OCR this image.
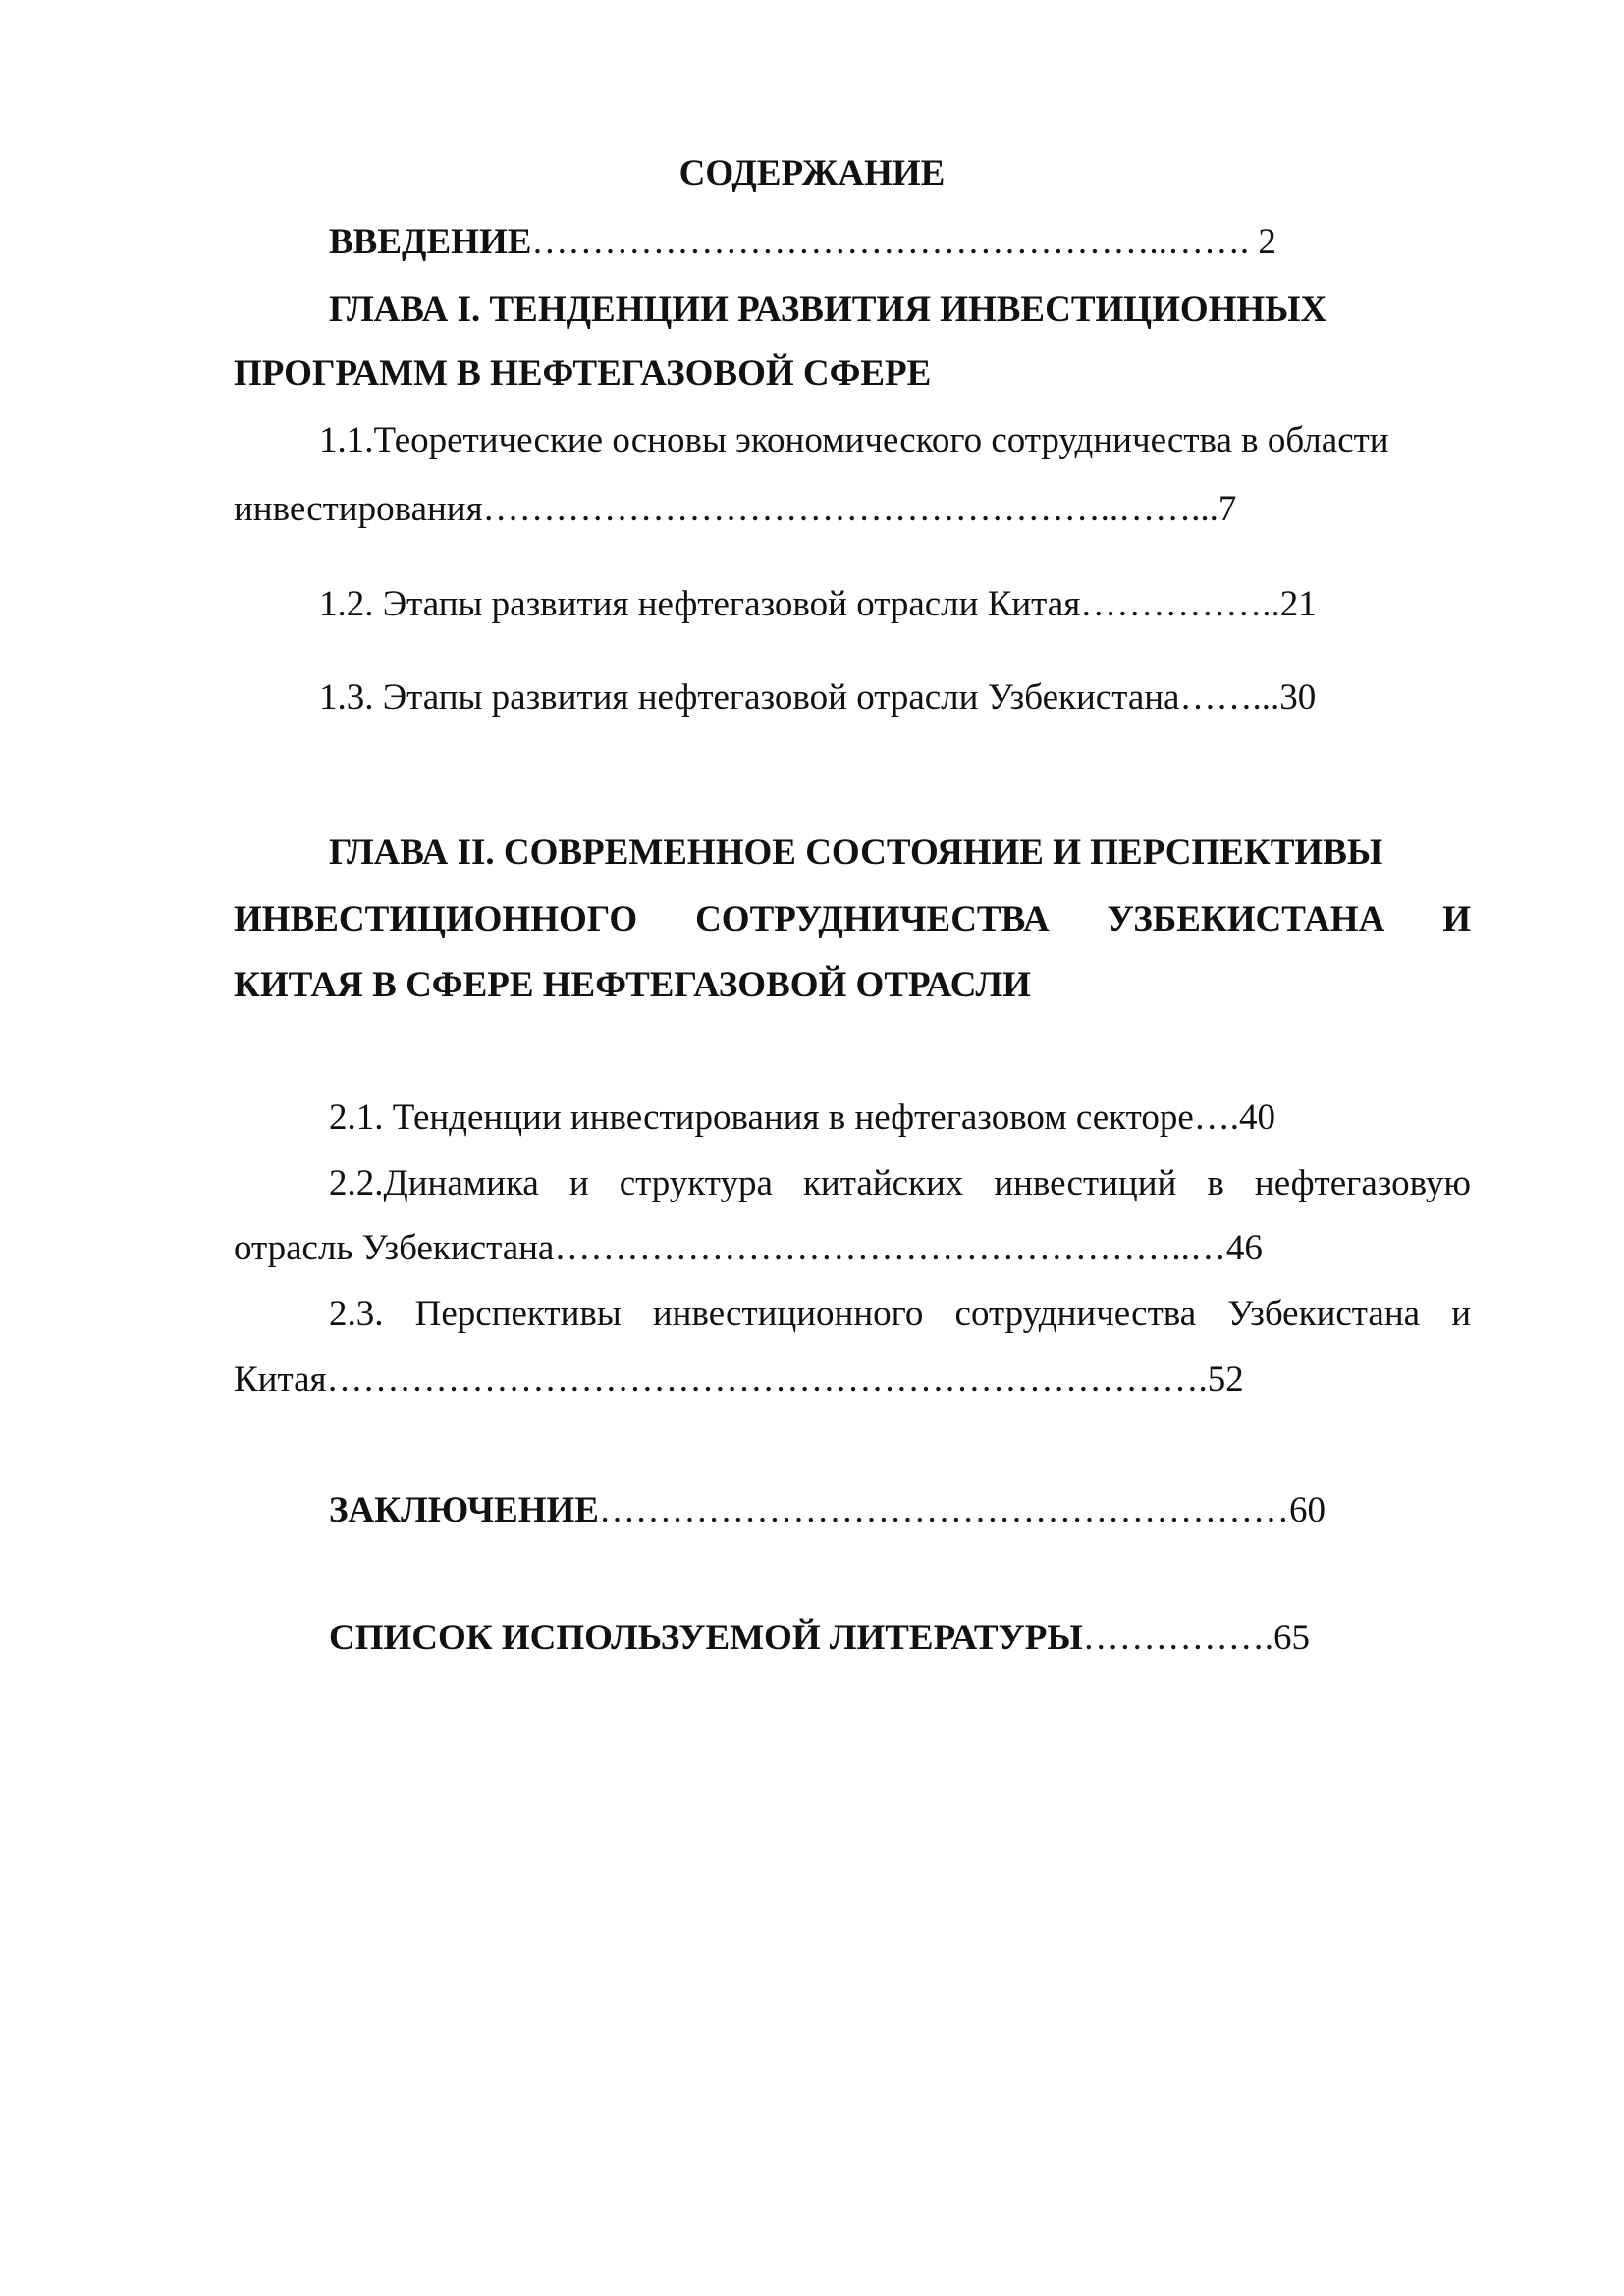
СОДЕРЖАНИЕ
ВВЕДЕНИЕ……………………………………………..……. 2
ГЛАВА I. ТЕНДЕНЦИИ РАЗВИТИЯ ИНВЕСТИЦИОННЫХ
ПРОГРАММ В НЕФТЕГАЗОВОЙ СФЕРЕ
1.1.Теоретические основы экономического сотрудничества в области
инвестирования……………………………………………..……...7
1.2. Этапы развития нефтегазовой отрасли Китая……………..21
1.3. Этапы развития нефтегазовой отрасли Узбекистана……...30
ГЛАВА II. СОВРЕМЕННОЕ СОСТОЯНИЕ И ПЕРСПЕКТИВЫ
ИНВЕСТИЦИОННОГО СОТРУДНИЧЕСТВА УЗБЕКИСТАНА И
КИТАЯ В СФЕРЕ НЕФТЕГАЗОВОЙ ОТРАСЛИ
2.1. Тенденции инвестирования в нефтегазовом секторе….40
2.2.Динамика и структура китайских инвестиций в нефтегазовую
отрасль Узбекистана……………………………………………..…46
2.3. Перспективы инвестиционного сотрудничества Узбекистана и
Китая……………………………………………………………….52
ЗАКЛЮЧЕНИЕ…………………………………………………60
СПИСОК ИСПОЛЬЗУЕМОЙ ЛИТЕРАТУРЫ…………….65
